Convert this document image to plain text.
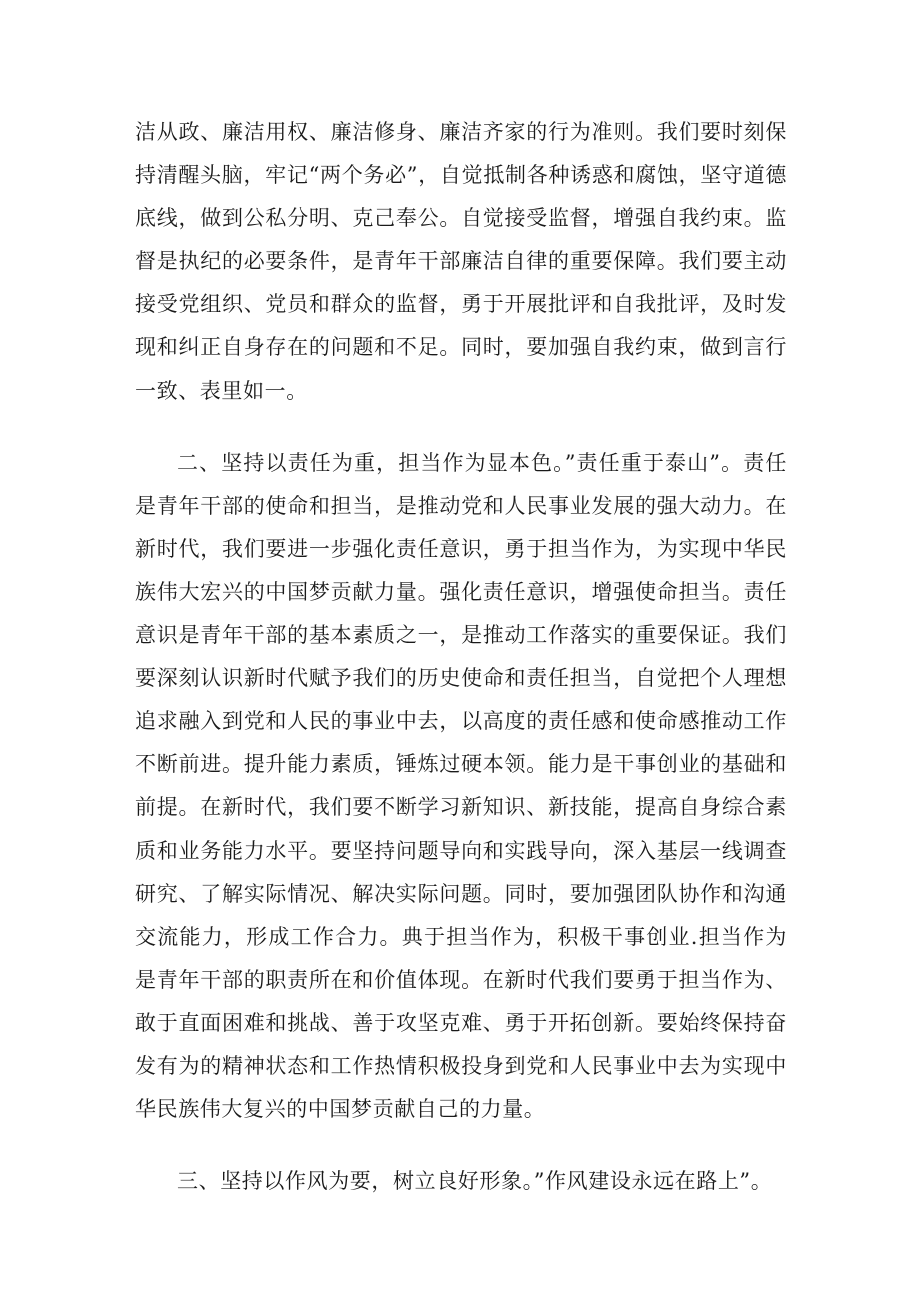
洁从政、廉洁用权、廉洁修身、廉洁齐家的行为准则。我们要时刻保持清醒头脑，牢记“两个务必”，自觉抵制各种诱惑和腐蚀，坚守道德底线，做到公私分明、克己奉公。自觉接受监督，增强自我约束。监督是执纪的必要条件，是青年干部廉洁自律的重要保障。我们要主动接受党组织、党员和群众的监督，勇于开展批评和自我批评，及时发现和纠正自身存在的问题和不足。同时，要加强自我约束，做到言行一致、表里如一。

二、坚持以责任为重，担当作为显本色。”责任重于泰山”。责任是青年干部的使命和担当，是推动党和人民事业发展的强大动力。在新时代，我们要进一步强化责任意识，勇于担当作为，为实现中华民族伟大宏兴的中国梦贡献力量。强化责任意识，增强使命担当。责任意识是青年干部的基本素质之一，是推动工作落实的重要保证。我们要深刻认识新时代赋予我们的历史使命和责任担当，自觉把个人理想追求融入到党和人民的事业中去，以高度的责任感和使命感推动工作不断前进。提升能力素质，锤炼过硬本领。能力是干事创业的基础和前提。在新时代，我们要不断学习新知识、新技能，提高自身综合素质和业务能力水平。要坚持问题导向和实践导向，深入基层一线调查研究、了解实际情况、解决实际问题。同时，要加强团队协作和沟通交流能力，形成工作合力。典于担当作为，积极干事创业.担当作为是青年干部的职责所在和价值体现。在新时代我们要勇于担当作为、敢于直面困难和挑战、善于攻坚克难、勇于开拓创新。要始终保持奋发有为的精神状态和工作热情积极投身到党和人民事业中去为实现中华民族伟大复兴的中国梦贡献自己的力量。

三、坚持以作风为要，树立良好形象。”作风建设永远在路上”。
